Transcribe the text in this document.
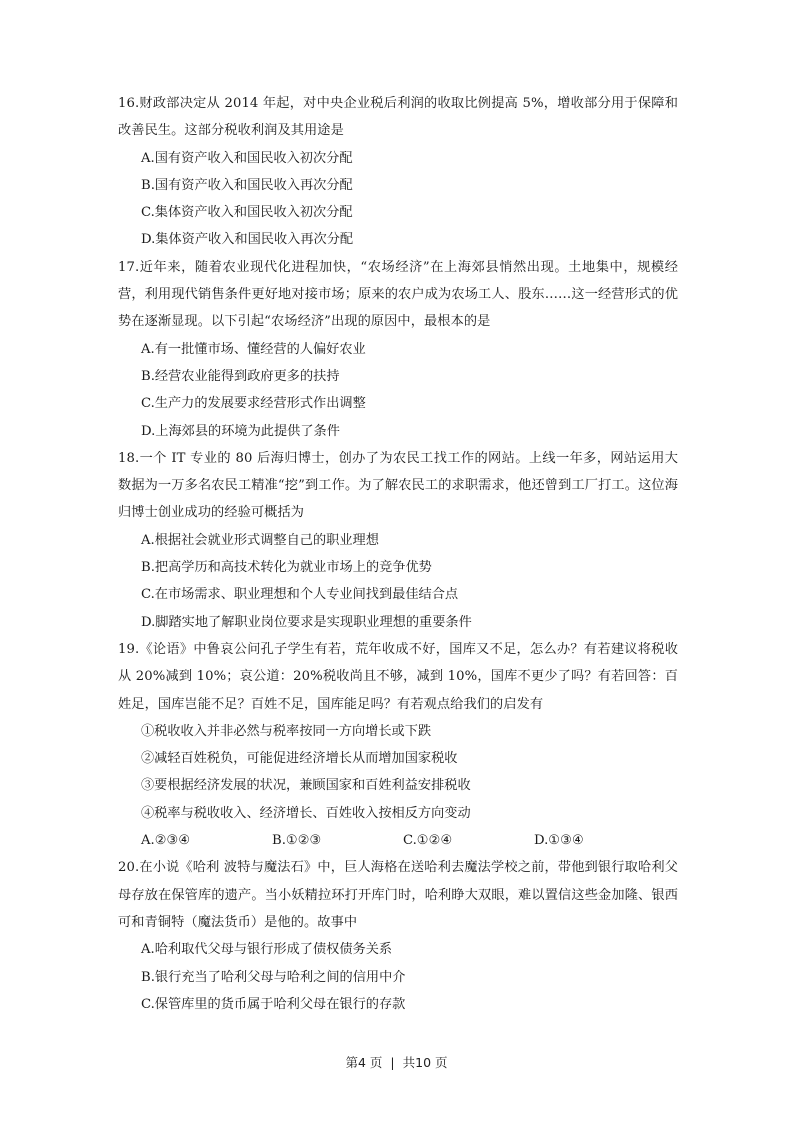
16.财政部决定从 2014 年起，对中央企业税后利润的收取比例提高 5%，增收部分用于保障和改善民生。这部分税收利润及其用途是

A.国有资产收入和国民收入初次分配

B.国有资产收入和国民收入再次分配

C.集体资产收入和国民收入初次分配

D.集体资产收入和国民收入再次分配

17.近年来，随着农业现代化进程加快，“农场经济”在上海郊县悄然出现。土地集中，规模经营，利用现代销售条件更好地对接市场；原来的农户成为农场工人、股东……这一经营形式的优势在逐渐显现。以下引起“农场经济”出现的原因中，最根本的是

A.有一批懂市场、懂经营的人偏好农业

B.经营农业能得到政府更多的扶持

C.生产力的发展要求经营形式作出调整

D.上海郊县的环境为此提供了条件

18.一个 IT 专业的 80 后海归博士，创办了为农民工找工作的网站。上线一年多，网站运用大数据为一万多名农民工精准“挖”到工作。为了解农民工的求职需求，他还曾到工厂打工。这位海归博士创业成功的经验可概括为

A.根据社会就业形式调整自己的职业理想

B.把高学历和高技术转化为就业市场上的竞争优势

C.在市场需求、职业理想和个人专业间找到最佳结合点

D.脚踏实地了解职业岗位要求是实现职业理想的重要条件

19.《论语》中鲁哀公问孔子学生有若，荒年收成不好，国库又不足，怎么办？有若建议将税收从 20%减到 10%；哀公道：20%税收尚且不够，减到 10%，国库不更少了吗？有若回答：百姓足，国库岂能不足？百姓不足，国库能足吗？有若观点给我们的启发有

①税收收入并非必然与税率按同一方向增长或下跌

②减轻百姓税负，可能促进经济增长从而增加国家税收

③要根据经济发展的状况，兼顾国家和百姓利益安排税收

④税率与税收收入、经济增长、百姓收入按相反方向变动

A.②③④	B.①②③	C.①②④	D.①③④

20.在小说《哈利 波特与魔法石》中，巨人海格在送哈利去魔法学校之前，带他到银行取哈利父母存放在保管库的遗产。当小妖精拉环打开库门时，哈利睁大双眼，难以置信这些金加隆、银西可和青铜特（魔法货币）是他的。故事中

A.哈利取代父母与银行形成了债权债务关系

B.银行充当了哈利父母与哈利之间的信用中介

C.保管库里的货币属于哈利父母在银行的存款

第4 页 | 共10 页
